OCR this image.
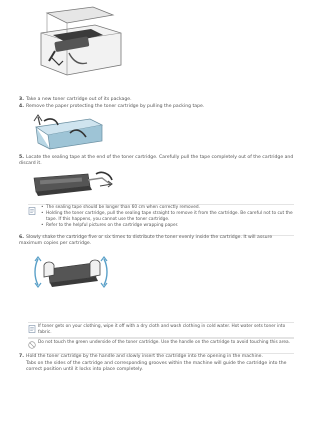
3. Take a new toner cartridge out of its package.
4. Remove the paper protecting the toner cartridge by pulling the packing tape.
5. Locate the sealing tape at the end of the toner cartridge. Carefully pull the tape completely out of the cartridge and discard it.
• The sealing tape should be longer than 60 cm when correctly removed.
• Holding the toner cartridge, pull the sealing tape straight to remove it from the cartridge. Be careful not to cut the tape. If this happens, you cannot use the toner cartridge.
• Refer to the helpful pictures on the cartridge wrapping paper.
6. Slowly shake the cartridge five or six times to distribute the toner evenly inside the cartridge. It will assure maximum copies per cartridge.
If toner gets on your clothing, wipe it off with a dry cloth and wash clothing in cold water. Hot water sets toner into fabric.
Do not touch the green underside of the toner cartridge. Use the handle on the cartridge to avoid touching this area.
7. Hold the toner cartridge by the handle and slowly insert the cartridge into the opening in the machine.
Tabs on the sides of the cartridge and corresponding grooves within the machine will guide the cartridge into the correct position until it locks into place completely.
